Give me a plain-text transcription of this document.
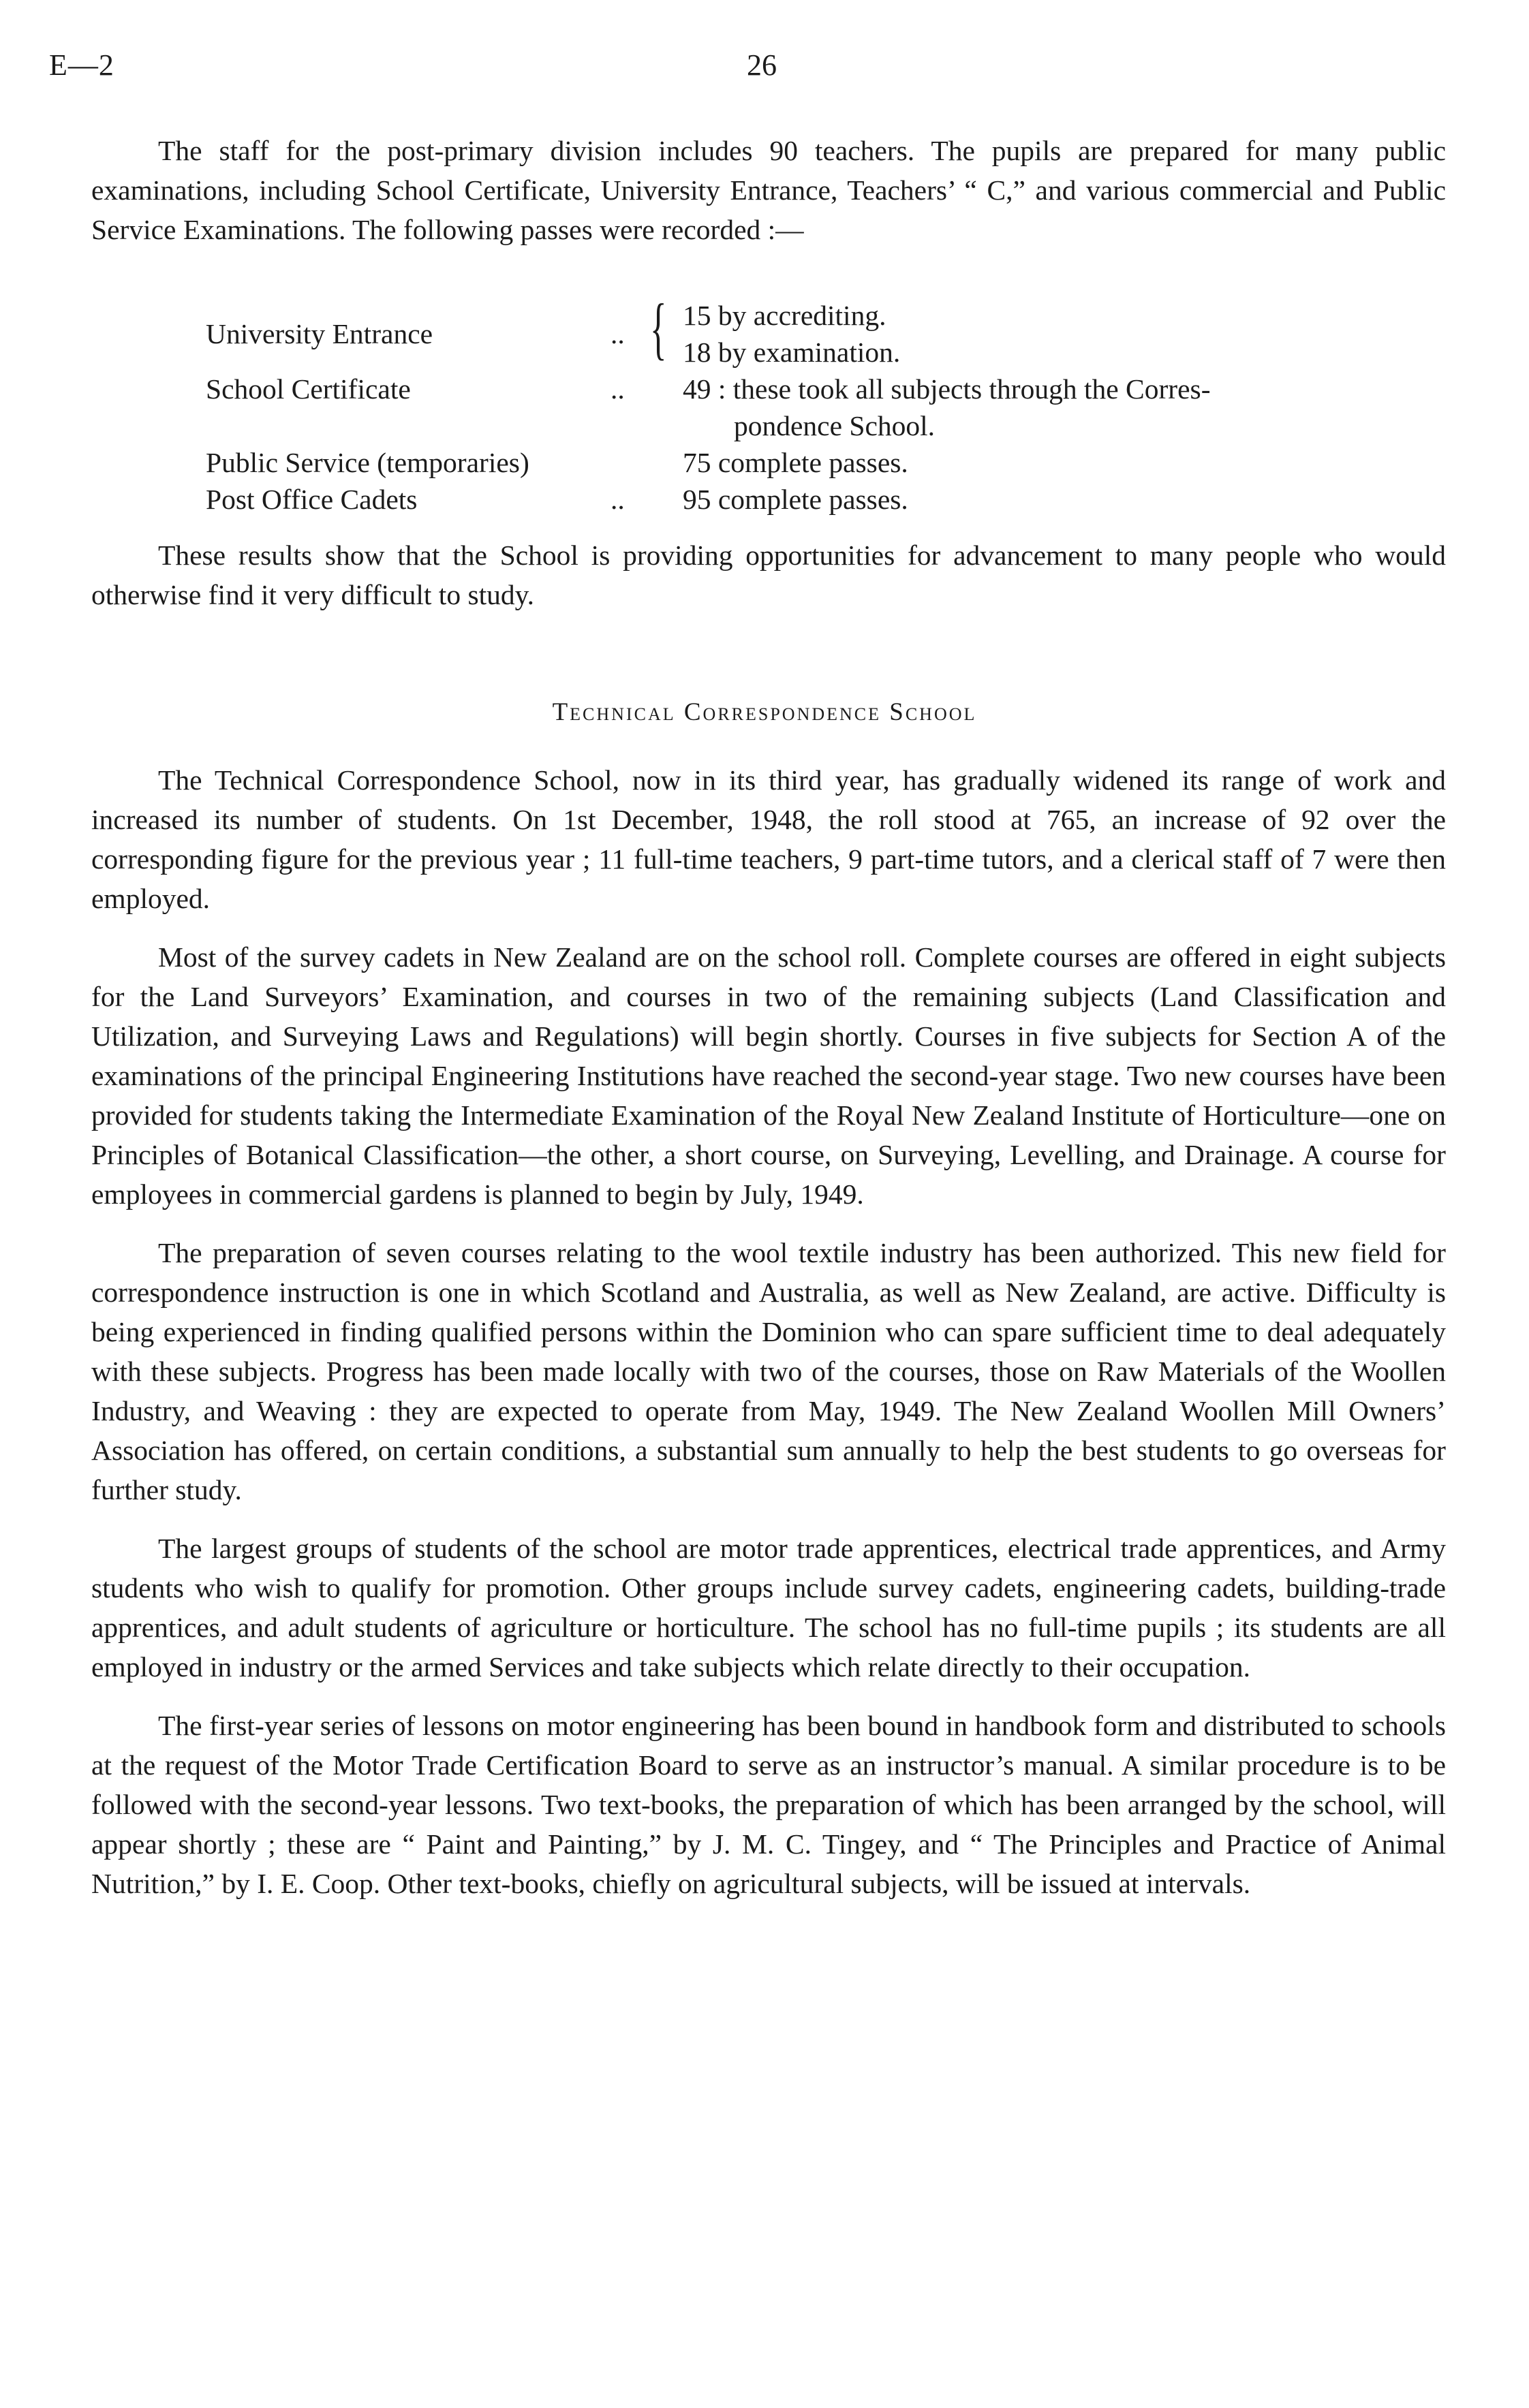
E—2	26

The staff for the post-primary division includes 90 teachers. The pupils are prepared for many public examinations, including School Certificate, University Entrance, Teachers’ “ C,” and various commercial and Public Service Examinations. The following passes were recorded :—

University Entrance	.. { 15 by accrediting.
18 by examination.
School Certificate	.. 49 : these took all subjects through the Corres-
pondence School.
Public Service (temporaries)	75 complete passes.
Post Office Cadets	.. 95 complete passes.

These results show that the School is providing opportunities for advancement to many people who would otherwise find it very difficult to study.

Technical Correspondence School

The Technical Correspondence School, now in its third year, has gradually widened its range of work and increased its number of students. On 1st December, 1948, the roll stood at 765, an increase of 92 over the corresponding figure for the previous year ; 11 full-time teachers, 9 part-time tutors, and a clerical staff of 7 were then employed.

Most of the survey cadets in New Zealand are on the school roll. Complete courses are offered in eight subjects for the Land Surveyors’ Examination, and courses in two of the remaining subjects (Land Classification and Utilization, and Surveying Laws and Regulations) will begin shortly. Courses in five subjects for Section A of the examinations of the principal Engineering Institutions have reached the second-year stage. Two new courses have been provided for students taking the Intermediate Examination of the Royal New Zealand Institute of Horticulture—one on Principles of Botanical Classification—the other, a short course, on Surveying, Levelling, and Drainage. A course for employees in commercial gardens is planned to begin by July, 1949.

The preparation of seven courses relating to the wool textile industry has been authorized. This new field for correspondence instruction is one in which Scotland and Australia, as well as New Zealand, are active. Difficulty is being experienced in finding qualified persons within the Dominion who can spare sufficient time to deal adequately with these subjects. Progress has been made locally with two of the courses, those on Raw Materials of the Woollen Industry, and Weaving : they are expected to operate from May, 1949. The New Zealand Woollen Mill Owners’ Association has offered, on certain conditions, a substantial sum annually to help the best students to go overseas for further study.

The largest groups of students of the school are motor trade apprentices, electrical trade apprentices, and Army students who wish to qualify for promotion. Other groups include survey cadets, engineering cadets, building-trade apprentices, and adult students of agriculture or horticulture. The school has no full-time pupils ; its students are all employed in industry or the armed Services and take subjects which relate directly to their occupation.

The first-year series of lessons on motor engineering has been bound in handbook form and distributed to schools at the request of the Motor Trade Certification Board to serve as an instructor’s manual. A similar procedure is to be followed with the second-year lessons. Two text-books, the preparation of which has been arranged by the school, will appear shortly ; these are “ Paint and Painting,” by J. M. C. Tingey, and “ The Principles and Practice of Animal Nutrition,” by I. E. Coop. Other text-books, chiefly on agricultural subjects, will be issued at intervals.
